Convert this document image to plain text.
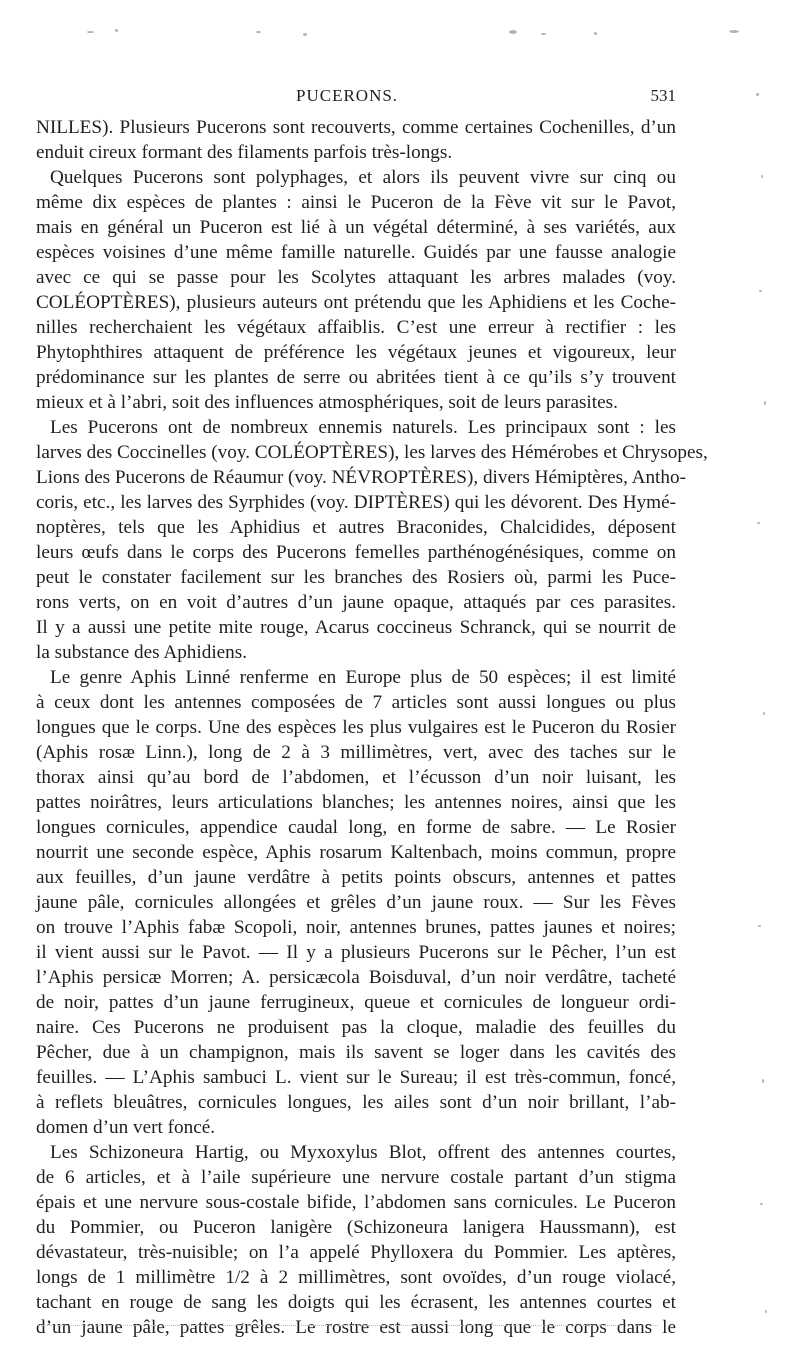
PUCERONS.	531
NILLES). Plusieurs Pucerons sont recouverts, comme certaines Cochenilles, d’un
enduit cireux formant des filaments parfois très-longs.
Quelques Pucerons sont polyphages, et alors ils peuvent vivre sur cinq ou
même dix espèces de plantes : ainsi le Puceron de la Fève vit sur le Pavot,
mais en général un Puceron est lié à un végétal déterminé, à ses variétés, aux
espèces voisines d’une même famille naturelle. Guidés par une fausse analogie
avec ce qui se passe pour les Scolytes attaquant les arbres malades (voy.
COLÉOPTÈRES), plusieurs auteurs ont prétendu que les Aphidiens et les Coche-
nilles recherchaient les végétaux affaiblis. C’est une erreur à rectifier : les
Phytophthires attaquent de préférence les végétaux jeunes et vigoureux, leur
prédominance sur les plantes de serre ou abritées tient à ce qu’ils s’y trouvent
mieux et à l’abri, soit des influences atmosphériques, soit de leurs parasites.
Les Pucerons ont de nombreux ennemis naturels. Les principaux sont : les
larves des Coccinelles (voy. COLÉOPTÈRES), les larves des Hémérobes et Chrysopes,
Lions des Pucerons de Réaumur (voy. NÉVROPTÈRES), divers Hémiptères, Antho-
coris, etc., les larves des Syrphides (voy. DIPTÈRES) qui les dévorent. Des Hymé-
noptères, tels que les Aphidius et autres Braconides, Chalcidides, déposent
leurs œufs dans le corps des Pucerons femelles parthénogénésiques, comme on
peut le constater facilement sur les branches des Rosiers où, parmi les Puce-
rons verts, on en voit d’autres d’un jaune opaque, attaqués par ces parasites.
Il y a aussi une petite mite rouge, Acarus coccineus Schranck, qui se nourrit de
la substance des Aphidiens.
Le genre Aphis Linné renferme en Europe plus de 50 espèces; il est limité
à ceux dont les antennes composées de 7 articles sont aussi longues ou plus
longues que le corps. Une des espèces les plus vulgaires est le Puceron du Rosier
(Aphis rosæ Linn.), long de 2 à 3 millimètres, vert, avec des taches sur le
thorax ainsi qu’au bord de l’abdomen, et l’écusson d’un noir luisant, les
pattes noirâtres, leurs articulations blanches; les antennes noires, ainsi que les
longues cornicules, appendice caudal long, en forme de sabre. — Le Rosier
nourrit une seconde espèce, Aphis rosarum Kaltenbach, moins commun, propre
aux feuilles, d’un jaune verdâtre à petits points obscurs, antennes et pattes
jaune pâle, cornicules allongées et grêles d’un jaune roux. — Sur les Fèves
on trouve l’Aphis fabæ Scopoli, noir, antennes brunes, pattes jaunes et noires;
il vient aussi sur le Pavot. — Il y a plusieurs Pucerons sur le Pêcher, l’un est
l’Aphis persicæ Morren; A. persicæcola Boisduval, d’un noir verdâtre, tacheté
de noir, pattes d’un jaune ferrugineux, queue et cornicules de longueur ordi-
naire. Ces Pucerons ne produisent pas la cloque, maladie des feuilles du
Pêcher, due à un champignon, mais ils savent se loger dans les cavités des
feuilles. — L’Aphis sambuci L. vient sur le Sureau; il est très-commun, foncé,
à reflets bleuâtres, cornicules longues, les ailes sont d’un noir brillant, l’ab-
domen d’un vert foncé.
Les Schizoneura Hartig, ou Myxoxylus Blot, offrent des antennes courtes,
de 6 articles, et à l’aile supérieure une nervure costale partant d’un stigma
épais et une nervure sous-costale bifide, l’abdomen sans cornicules. Le Puceron
du Pommier, ou Puceron lanigère (Schizoneura lanigera Haussmann), est
dévastateur, très-nuisible; on l’a appelé Phylloxera du Pommier. Les aptères,
longs de 1 millimètre 1/2 à 2 millimètres, sont ovoïdes, d’un rouge violacé,
tachant en rouge de sang les doigts qui les écrasent, les antennes courtes et
d’un jaune pâle, pattes grêles. Le rostre est aussi long que le corps dans le
